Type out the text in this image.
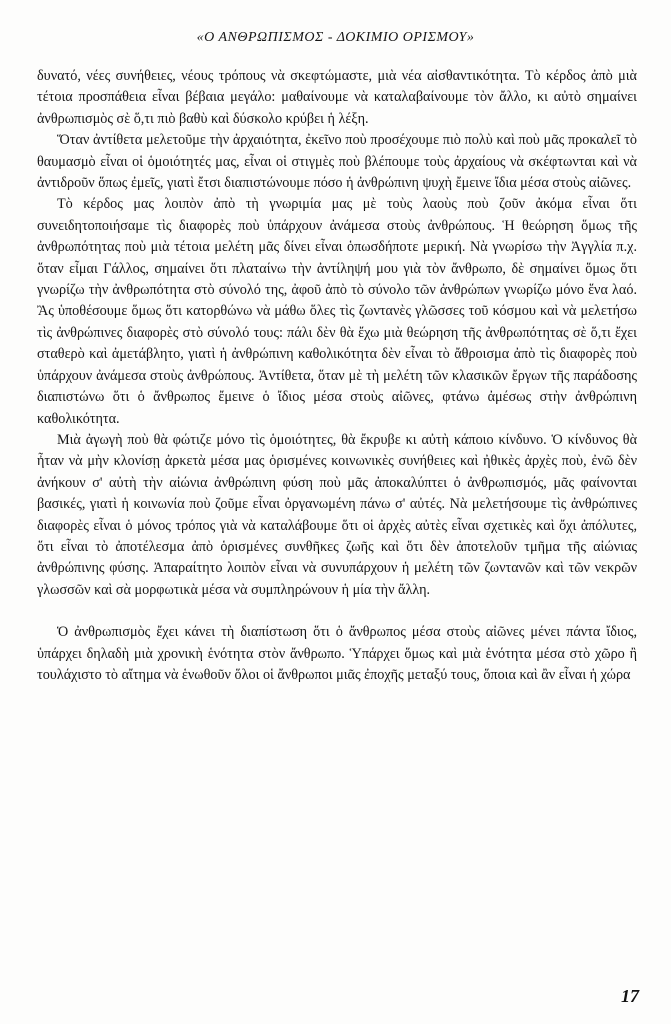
«Ο ΑΝΘΡΩΠΙΣΜΟΣ - ΔΟΚΙΜΙΟ ΟΡΙΣΜΟΥ»

δυνατό, νέες συνήθειες, νέους τρόπους νὰ σκεφτώμαστε, μιὰ νέα αἰσθαντικότητα. Τὸ κέρδος ἀπὸ μιὰ τέτοια προσπάθεια εἶναι βέβαια μεγάλο: μαθαίνουμε νὰ καταλαβαίνουμε τὸν ἄλλο, κι αὐτὸ σημαίνει ἀνθρωπισμὸς σὲ ὅ,τι πιὸ βαθὺ καὶ δύσκολο κρύβει ἡ λέξη.

Ὅταν ἀντίθετα μελετοῦμε τὴν ἀρχαιότητα, ἐκεῖνο ποὺ προσέχουμε πιὸ πολὺ καὶ ποὺ μᾶς προκαλεῖ τὸ θαυμασμὸ εἶναι οἱ ὁμοιότητές μας, εἶναι οἱ στιγμὲς ποὺ βλέπουμε τοὺς ἀρχαίους νὰ σκέφτωνται καὶ νὰ ἀντιδροῦν ὅπως ἐμεῖς, γιατὶ ἔτσι διαπιστώνουμε πόσο ἡ ἀνθρώπινη ψυχὴ ἔμεινε ἴδια μέσα στοὺς αἰῶνες.

Τὸ κέρδος μας λοιπὸν ἀπὸ τὴ γνωριμία μας μὲ τοὺς λαοὺς ποὺ ζοῦν ἀκόμα εἶναι ὅτι συνειδητοποιήσαμε τὶς διαφορὲς ποὺ ὑπάρχουν ἀνάμεσα στοὺς ἀνθρώπους. Ἡ θεώρηση ὅμως τῆς ἀνθρωπότητας ποὺ μιὰ τέτοια μελέτη μᾶς δίνει εἶναι ὁπωσδήποτε μερική. Νὰ γνωρίσω τὴν Ἀγγλία π.χ. ὅταν εἶμαι Γάλλος, σημαίνει ὅτι πλαταίνω τὴν ἀντίληψή μου γιὰ τὸν ἄνθρωπο, δὲ σημαίνει ὅμως ὅτι γνωρίζω τὴν ἀνθρωπότητα στὸ σύνολό της, ἀφοῦ ἀπὸ τὸ σύνολο τῶν ἀνθρώπων γνωρίζω μόνο ἕνα λαό. Ἂς ὑποθέσουμε ὅμως ὅτι κατορθώνω νὰ μάθω ὅλες τὶς ζωντανὲς γλῶσσες τοῦ κόσμου καὶ νὰ μελετήσω τὶς ἀνθρώπινες διαφορὲς στὸ σύνολό τους: πάλι δὲν θὰ ἔχω μιὰ θεώρηση τῆς ἀνθρωπότητας σὲ ὅ,τι ἔχει σταθερὸ καὶ ἀμετάβλητο, γιατὶ ἡ ἀνθρώπινη καθολικότητα δὲν εἶναι τὸ ἄθροισμα ἀπὸ τὶς διαφορὲς ποὺ ὑπάρχουν ἀνάμεσα στοὺς ἀνθρώπους. Ἀντίθετα, ὅταν μὲ τὴ μελέτη τῶν κλασικῶν ἔργων τῆς παράδοσης διαπιστώνω ὅτι ὁ ἄνθρωπος ἔμεινε ὁ ἴδιος μέσα στοὺς αἰῶνες, φτάνω ἀμέσως στὴν ἀνθρώπινη καθολικότητα.

Μιὰ ἀγωγὴ ποὺ θὰ φώτιζε μόνο τὶς ὁμοιότητες, θὰ ἔκρυβε κι αὐτὴ κάποιο κίνδυνο. Ὁ κίνδυνος θὰ ἦταν νὰ μὴν κλονίσῃ ἀρκετὰ μέσα μας ὁρισμένες κοινωνικὲς συνήθειες καὶ ἠθικὲς ἀρχὲς ποὺ, ἐνῶ δὲν ἀνήκουν σ' αὐτὴ τὴν αἰώνια ἀνθρώπινη φύση ποὺ μᾶς ἀποκαλύπτει ὁ ἀνθρωπισμός, μᾶς φαίνονται βασικές, γιατὶ ἡ κοινωνία ποὺ ζοῦμε εἶναι ὀργανωμένη πάνω σ' αὐτές. Νὰ μελετήσουμε τὶς ἀνθρώπινες διαφορὲς εἶναι ὁ μόνος τρόπος γιὰ νὰ καταλάβουμε ὅτι οἱ ἀρχὲς αὐτὲς εἶναι σχετικὲς καὶ ὄχι ἀπόλυτες, ὅτι εἶναι τὸ ἀποτέλεσμα ἀπὸ ὁρισμένες συνθῆκες ζωῆς καὶ ὅτι δὲν ἀποτελοῦν τμῆμα τῆς αἰώνιας ἀνθρώπινης φύσης. Ἀπαραίτητο λοιπὸν εἶναι νὰ συνυπάρχουν ἡ μελέτη τῶν ζωντανῶν καὶ τῶν νεκρῶν γλωσσῶν καὶ σὰ μορφωτικὰ μέσα νὰ συμπληρώνουν ἡ μία τὴν ἄλλη.

Ὁ ἀνθρωπισμὸς ἔχει κάνει τὴ διαπίστωση ὅτι ὁ ἄνθρωπος μέσα στοὺς αἰῶνες μένει πάντα ἴδιος, ὑπάρχει δηλαδὴ μιὰ χρονικὴ ἑνότητα στὸν ἄνθρωπο. Ὑπάρχει ὅμως καὶ μιὰ ἑνότητα μέσα στὸ χῶρο ἢ τουλάχιστο τὸ αἴτημα νὰ ἑνωθοῦν ὅλοι οἱ ἄνθρωποι μιᾶς ἐποχῆς μεταξύ τους, ὅποια καὶ ἂν εἶναι ἡ χώρα

17
